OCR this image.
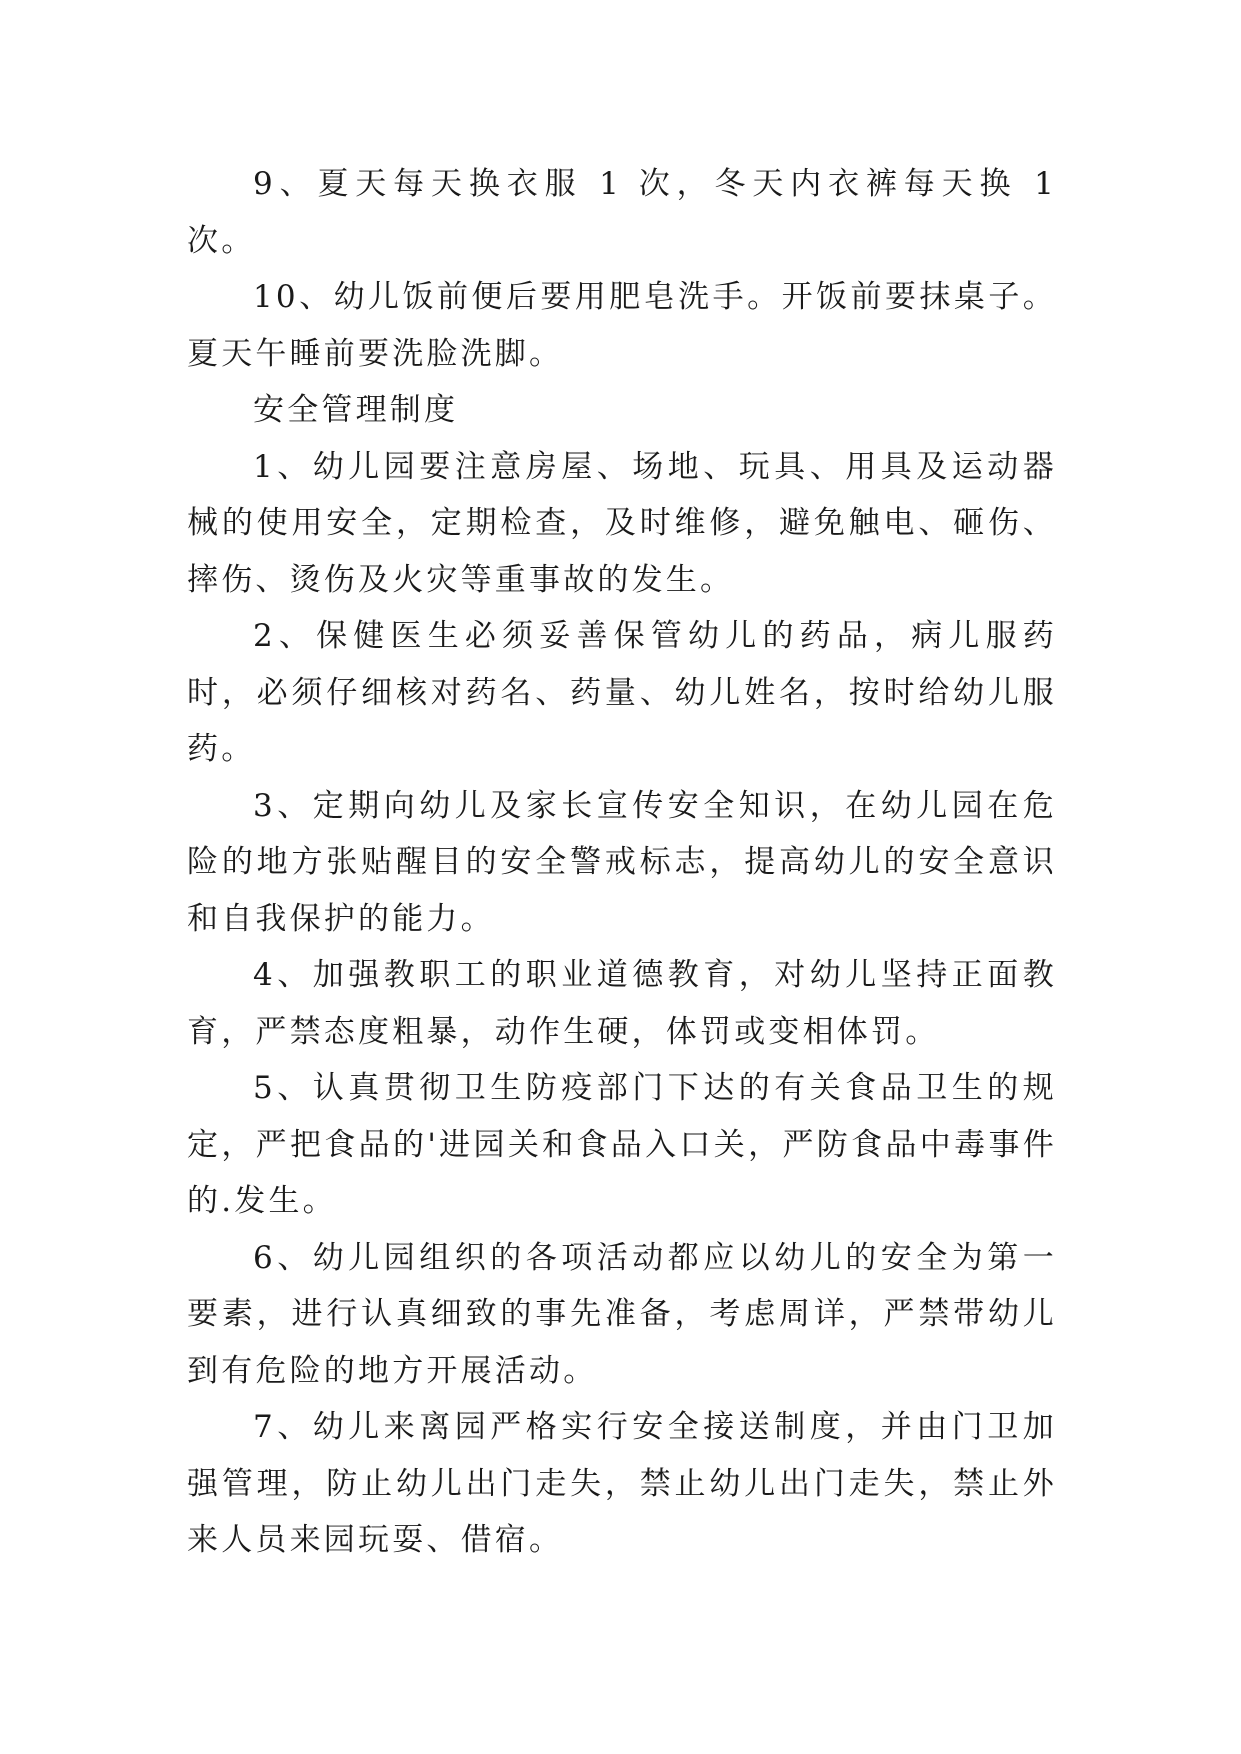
9、夏天每天换衣服 1 次，冬天内衣裤每天换 1 次。

10、幼儿饭前便后要用肥皂洗手。开饭前要抹桌子。夏天午睡前要洗脸洗脚。

安全管理制度

1、幼儿园要注意房屋、场地、玩具、用具及运动器械的使用安全，定期检查，及时维修，避免触电、砸伤、摔伤、烫伤及火灾等重事故的发生。

2、保健医生必须妥善保管幼儿的药品，病儿服药时，必须仔细核对药名、药量、幼儿姓名，按时给幼儿服药。

3、定期向幼儿及家长宣传安全知识，在幼儿园在危险的地方张贴醒目的安全警戒标志，提高幼儿的安全意识和自我保护的能力。

4、加强教职工的职业道德教育，对幼儿坚持正面教育，严禁态度粗暴，动作生硬，体罚或变相体罚。

5、认真贯彻卫生防疫部门下达的有关食品卫生的规定，严把食品的'进园关和食品入口关，严防食品中毒事件的.发生。

6、幼儿园组织的各项活动都应以幼儿的安全为第一要素，进行认真细致的事先准备，考虑周详，严禁带幼儿到有危险的地方开展活动。

7、幼儿来离园严格实行安全接送制度，并由门卫加强管理，防止幼儿出门走失，禁止幼儿出门走失，禁止外来人员来园玩耍、借宿。
